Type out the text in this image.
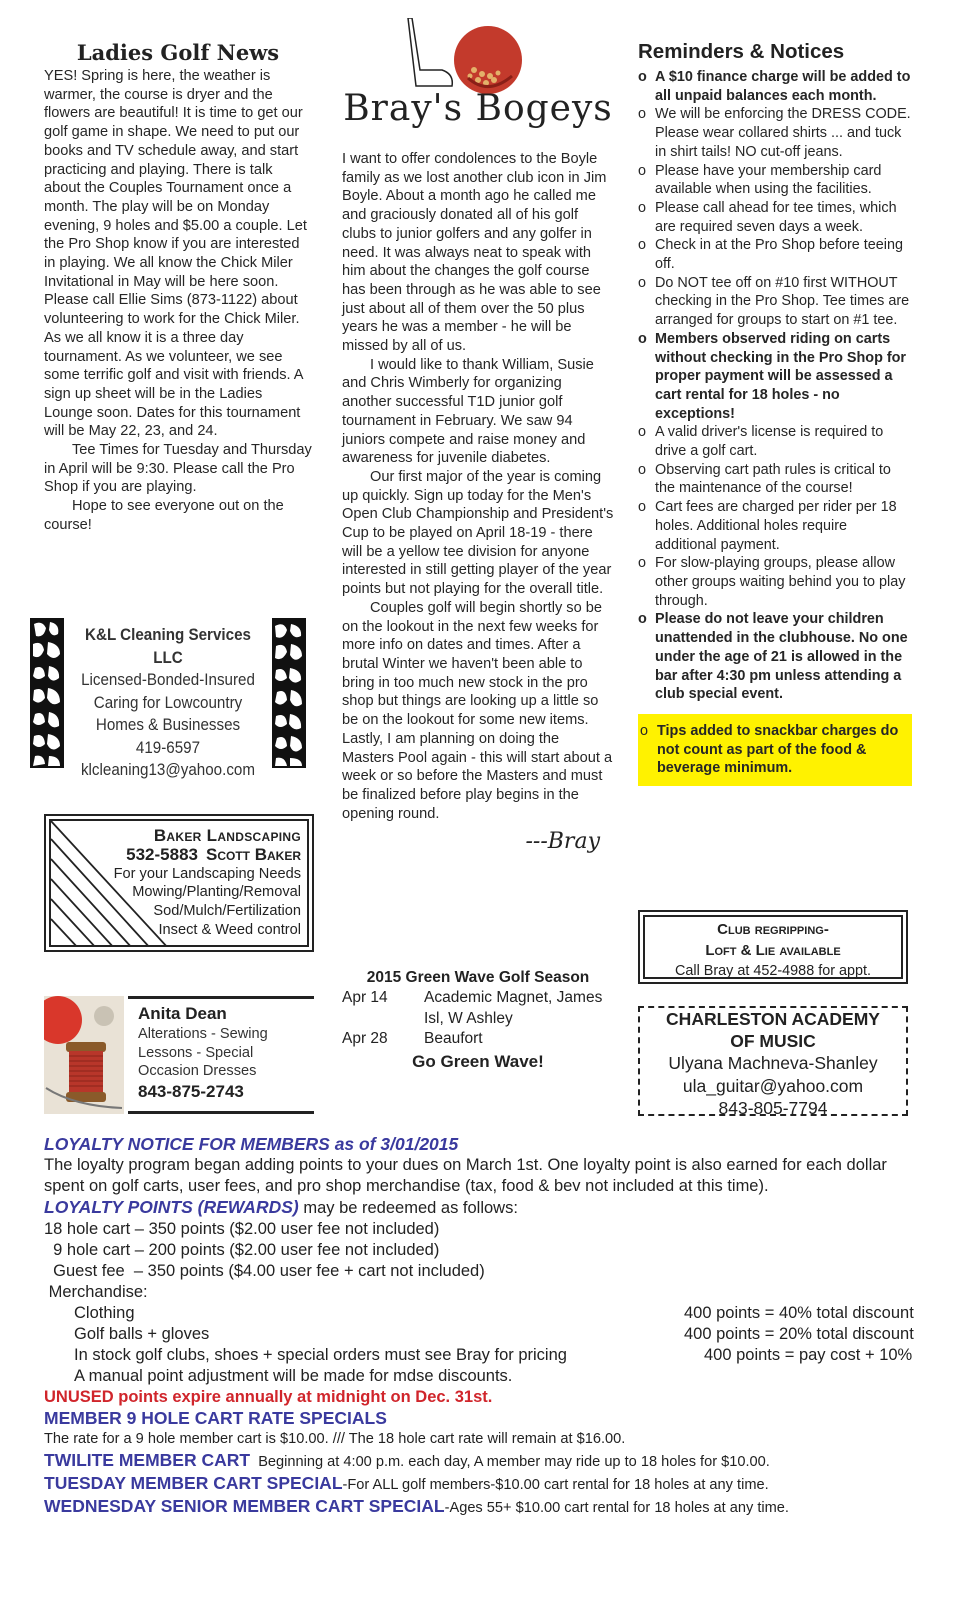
Ladies Golf News

YES! Spring is here, the weather is warmer, the course is dryer and the flowers are beautiful! It is time to get our golf game in shape. We need to put our books and TV schedule away, and start practicing and playing. There is talk about the Couples Tournament once a month. The play will be on Monday evening, 9 holes and $5.00 a couple. Let the Pro Shop know if you are interested in playing. We all know the Chick Miler Invitational in May will be here soon. Please call Ellie Sims (873-1122) about volunteering to work for the Chick Miler. As we all know it is a three day tournament. As we volunteer, we see some terrific golf and visit with friends. A sign up sheet will be in the Ladies Lounge soon. Dates for this tournament will be May 22, 23, and 24.

Tee Times for Tuesday and Thursday in April will be 9:30. Please call the Pro Shop if you are playing.

Hope to see everyone out on the course!

K&L Cleaning Services LLC
Licensed-Bonded-Insured
Caring for Lowcountry
Homes & Businesses
419-6597
klcleaning13@yahoo.com
Baker Landscaping
532-5883 Scott Baker
For your Landscaping Needs
Mowing/Planting/Removal
Sod/Mulch/Fertilization
Insect & Weed control
Anita Dean
Alterations - Sewing
Lessons - Special
Occasion Dresses
843-875-2743
Bray's Bogeys

I want to offer condolences to the Boyle family as we lost another club icon in Jim Boyle. About a month ago he called me and graciously donated all of his golf clubs to junior golfers and any golfer in need. It was always neat to speak with him about the changes the golf course has been through as he was able to see just about all of them over the 50 plus years he was a member - he will be missed by all of us.

I would like to thank William, Susie and Chris Wimberly for organizing another successful T1D junior golf tournament in February. We saw 94 juniors compete and raise money and awareness for juvenile diabetes.

Our first major of the year is coming up quickly. Sign up today for the Men's Open Club Championship and President's Cup to be played on April 18-19 - there will be a yellow tee division for anyone interested in still getting player of the year points but not playing for the overall title.

Couples golf will begin shortly so be on the lookout in the next few weeks for more info on dates and times. After a brutal Winter we haven't been able to bring in too much new stock in the pro shop but things are looking up a little so be on the lookout for some new items. Lastly, I am planning on doing the Masters Pool again - this will start about a week or so before the Masters and must be finalized before play begins in the opening round.

---Bray
2015 Green Wave Golf Season
Apr 14	Academic Magnet, James Isl, W Ashley
Apr 28	Beaufort
Go Green Wave!
Reminders & Notices
o A $10 finance charge will be added to all unpaid balances each month.
o We will be enforcing the DRESS CODE. Please wear collared shirts ... and tuck in shirt tails! NO cut-off jeans.
o Please have your membership card available when using the facilities.
o Please call ahead for tee times, which are required seven days a week.
o Check in at the Pro Shop before teeing off.
o Do NOT tee off on #10 first WITHOUT checking in the Pro Shop. Tee times are arranged for groups to start on #1 tee.
o Members observed riding on carts without checking in the Pro Shop for proper payment will be assessed a cart rental for 18 holes - no exceptions!
o A valid driver's license is required to drive a golf cart.
o Observing cart path rules is critical to the maintenance of the course!
o Cart fees are charged per rider per 18 holes. Additional holes require additional payment.
o For slow-playing groups, please allow other groups waiting behind you to play through.
o Please do not leave your children unattended in the clubhouse. No one under the age of 21 is allowed in the bar after 4:30 pm unless attending a club special event.
o Tips added to snackbar charges do not count as part of the food & beverage minimum.
Club regripping-
Loft & Lie available
Call Bray at 452-4988 for appt.
CHARLESTON ACADEMY
OF MUSIC
Ulyana Machneva-Shanley
ula_guitar@yahoo.com
843-805-7794
LOYALTY NOTICE FOR MEMBERS as of 3/01/2015
The loyalty program began adding points to your dues on March 1st. One loyalty point is also earned for each dollar spent on golf carts, user fees, and pro shop merchandise (tax, food & bev not included at this time).
LOYALTY POINTS (REWARDS) may be redeemed as follows:
18 hole cart – 350 points ($2.00 user fee not included)
9 hole cart – 200 points ($2.00 user fee not included)
Guest fee  – 350 points ($4.00 user fee + cart not included)
Merchandise:
Clothing	400 points = 40% total discount
Golf balls + gloves	400 points = 20% total discount
In stock golf clubs, shoes + special orders must see Bray for pricing	400 points = pay cost + 10%
A manual point adjustment will be made for mdse discounts.
UNUSED points expire annually at midnight on Dec. 31st.
MEMBER 9 HOLE CART RATE SPECIALS
The rate for a 9 hole member cart is $10.00. /// The 18 hole cart rate will remain at $16.00.
TWILITE MEMBER CART  Beginning at 4:00 p.m. each day, A member may ride up to 18 holes for $10.00.
TUESDAY MEMBER CART SPECIAL-For ALL golf members-$10.00 cart rental for 18 holes at any time.
WEDNESDAY SENIOR MEMBER CART SPECIAL-Ages 55+ $10.00 cart rental for 18 holes at any time.
